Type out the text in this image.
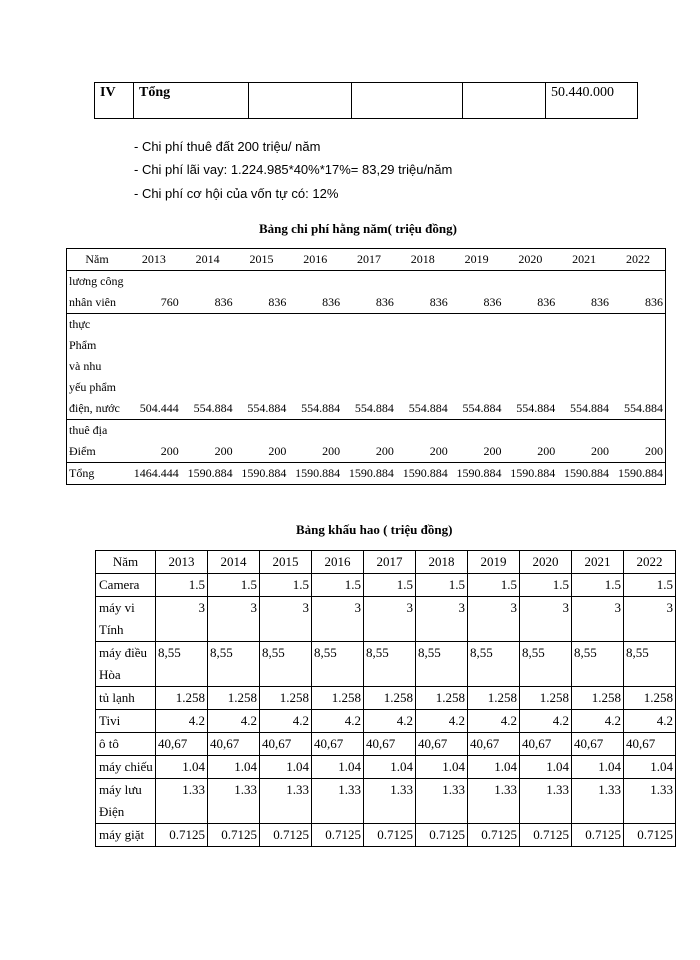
IV	Tổng				50.440.000
- Chi phí thuê đất 200 triệu/ năm
- Chi phí lãi vay: 1.224.985*40%*17%= 83,29 triệu/năm
- Chi phí cơ hội của vốn tự có: 12%
Bảng chi phí hằng năm( triệu đồng)
Năm	2013	2014	2015	2016	2017	2018	2019	2020	2021	2022

lương công
nhân viên	760	836	836	836	836	836	836	836	836	836

thực
Phẩm
và nhu
yếu phẩm
điện, nước	504.444	554.884	554.884	554.884	554.884	554.884	554.884	554.884	554.884	554.884

thuê địa
Điểm	200	200	200	200	200	200	200	200	200	200

Tổng	1464.444	1590.884	1590.884	1590.884	1590.884	1590.884	1590.884	1590.884	1590.884	1590.884
Bảng khấu hao ( triệu đồng)
Năm	2013	2014	2015	2016	2017	2018	2019	2020	2021	2022

Camera	1.5	1.5	1.5	1.5	1.5	1.5	1.5	1.5	1.5	1.5

máy vi
Tính	3	3	3	3	3	3	3	3	3	3

máy điều
Hòa	8,55	8,55	8,55	8,55	8,55	8,55	8,55	8,55	8,55	8,55

tủ lạnh	1.258	1.258	1.258	1.258	1.258	1.258	1.258	1.258	1.258	1.258

Tivi	4.2	4.2	4.2	4.2	4.2	4.2	4.2	4.2	4.2	4.2

ô tô	40,67	40,67	40,67	40,67	40,67	40,67	40,67	40,67	40,67	40,67

máy chiếu	1.04	1.04	1.04	1.04	1.04	1.04	1.04	1.04	1.04	1.04

máy lưu
Điện	1.33	1.33	1.33	1.33	1.33	1.33	1.33	1.33	1.33	1.33

máy giặt	0.7125	0.7125	0.7125	0.7125	0.7125	0.7125	0.7125	0.7125	0.7125	0.7125
